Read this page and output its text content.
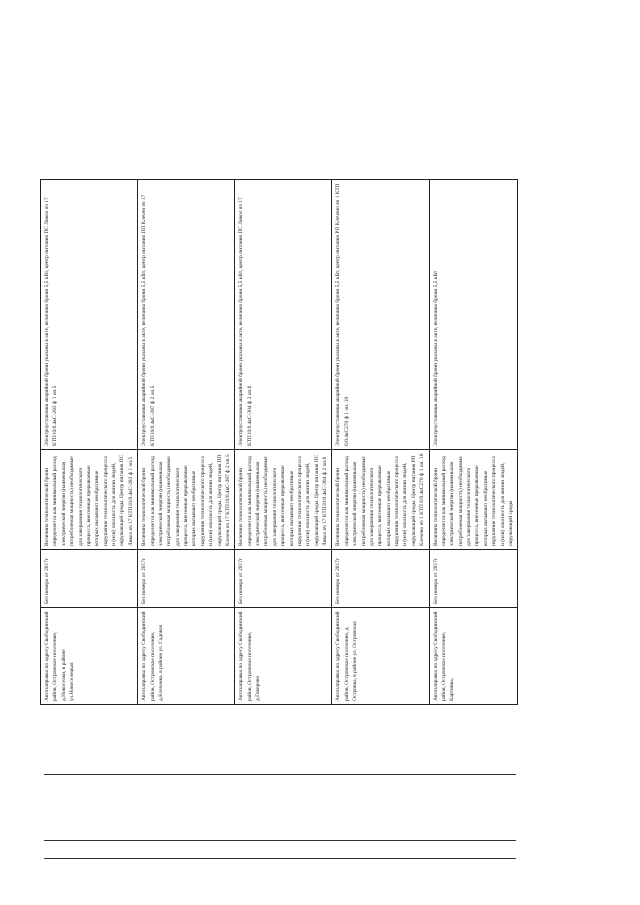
Автозаправка по адресу Свободинский район, Островское поселение, д.Новоселки, в районе ул.Новоселецкая	Без номера от 2017г	Величина технологической брони определяется как минимальный расход электрической энергии (наименьшая потребляемая мощность) необходимые для завершения технологического процесса, внесенные прерываемые которых вызывают необратимые нарушения технологического процесса и (или) опасность для жизни людей, окружающей среды. Центр питания ПС Ликол яч 17 КТП10/0.4кС-283 ф 1 оп.5	Электроустановки аварийной брони указаны в акте, величина брони 5,5 кВт, центр питания ПС Ликол яч 17 КТП10/0.4кС-283 ф 1 оп.5
Автозаправка по адресу Свободинский район, Островское поселение, д.Клеченка, в районе ул. Садовая	Без номера от 2017г	Величина технологической брони определяется как минимальный расход электрической энергии (наименьшая потребляемая мощность) необходимые для завершения технологического процесса, внесенные прерываемые которых вызывают необратимые нарушения технологического процесса и (или) опасность для жизни людей, окружающей среды. Центр питания ПП Клечен яч 17 КТП10/0.4кС-287 ф 2 оп.5	Электроустановки аварийной брони указаны в акте, величина брони 5,5 кВт, центр питания ПП Клечен яч 17 КТП10/0.4кС-287 ф 2 оп.5
Автозаправка по адресу Свободинский район, Островское поселение, д.Говорово	Без номера от 2017г	Величина технологической брони определяется как минимальный расход электрической энергии (наименьшая потребляемая мощность) необходимые для завершения технологического процесса, внесенные прерываемые которых вызывают необратимые нарушения технологического процесса и (или) опасность для жизни людей, окружающей среды. Центр питания ПС Ликол яч 17 КТП10/0.4кС-304 ф 2 оп.6	Электроустановки аварийной брони указаны в акте, величина брони 5,5 кВт, центр питания ПС Ликол яч 17 КТП10/0.4кС-304 ф 2 оп.6
Автозаправка по адресу Свободинский район, Островское поселение, д. Островка, в районе ул. Островская	Без номера от 2017г	Величина технологической брони определяется как минимальный расход электрической энергии (наименьшая потребляемая мощность) необходимые для завершения технологического процесса, внесенные прерываемые которых вызывают необратимые нарушения технологического процесса и (или) опасность для жизни людей, окружающей среды. Центр питания РП Клечено яч 1 КТП 6/0.4кС270 ф 1 оп. 18	Электроустановки аварийной брони указаны в акте, величина брони 5,5 кВт, центр питания РП Клечено яч 1 КТП 6/0.4кС270 ф 1 оп. 18
Автозаправка по адресу Свободинский район, Островское поселение, Картинка,	Без номера от 2017г	Величина технологической брони определяется как минимальный расход электрической энергии (наименьшая потребляемая мощность) необходимые для завершения технологического процесса, внесенные прерываемые которых вызывают необратимые нарушения технологического процесса и (или) опасность для жизни людей, окружающей среды	Электроустановки аварийной брони указаны в акте, величина брони 5,5 кВт
